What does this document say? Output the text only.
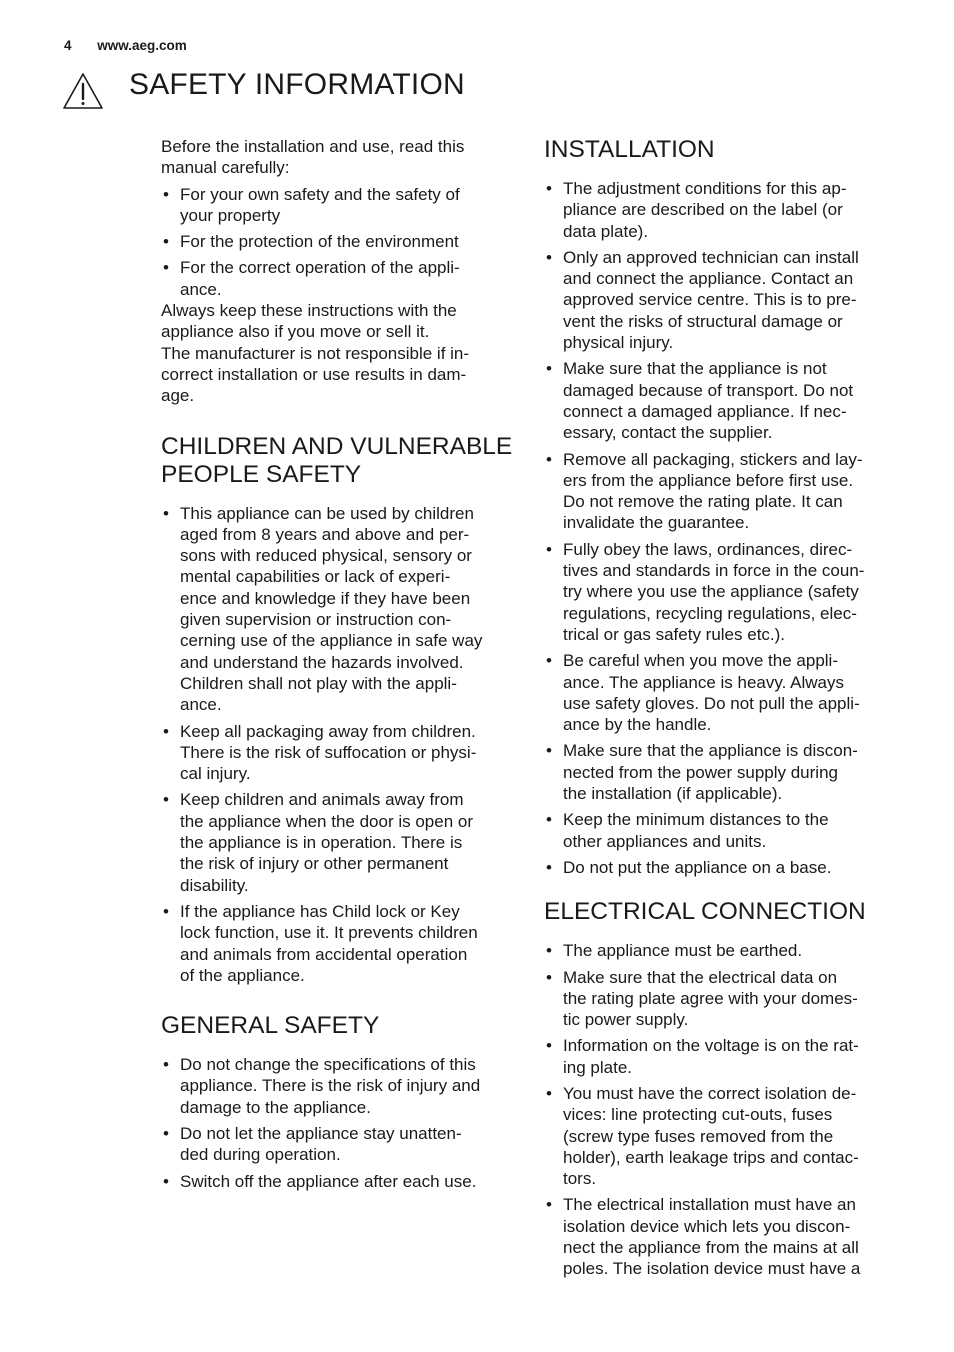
4 www.aeg.com
SAFETY INFORMATION

Before the installation and use, read this
manual carefully:

• For your own safety and the safety of
your property
• For the protection of the environment
• For the correct operation of the appli-
ance.

Always keep these instructions with the
appliance also if you move or sell it.
The manufacturer is not responsible if in-
correct installation or use results in dam-
age.

CHILDREN AND VULNERABLE
PEOPLE SAFETY
• This appliance can be used by children
aged from 8 years and above and per-
sons with reduced physical, sensory or
mental capabilities or lack of experi-
ence and knowledge if they have been
given supervision or instruction con-
cerning use of the appliance in safe way
and understand the hazards involved.
Children shall not play with the appli-
ance.
• Keep all packaging away from children.
There is the risk of suffocation or physi-
cal injury.
• Keep children and animals away from
the appliance when the door is open or
the appliance is in operation. There is
the risk of injury or other permanent
disability.
• If the appliance has Child lock or Key
lock function, use it. It prevents children
and animals from accidental operation
of the appliance.
GENERAL SAFETY
• Do not change the specifications of this
appliance. There is the risk of injury and
damage to the appliance.
• Do not let the appliance stay unatten-
ded during operation.
• Switch off the appliance after each use.
INSTALLATION
• The adjustment conditions for this ap-
pliance are described on the label (or
data plate).
• Only an approved technician can install
and connect the appliance. Contact an
approved service centre. This is to pre-
vent the risks of structural damage or
physical injury.
• Make sure that the appliance is not
damaged because of transport. Do not
connect a damaged appliance. If nec-
essary, contact the supplier.
• Remove all packaging, stickers and lay-
ers from the appliance before first use.
Do not remove the rating plate. It can
invalidate the guarantee.
• Fully obey the laws, ordinances, direc-
tives and standards in force in the coun-
try where you use the appliance (safety
regulations, recycling regulations, elec-
trical or gas safety rules etc.).
• Be careful when you move the appli-
ance. The appliance is heavy. Always
use safety gloves. Do not pull the appli-
ance by the handle.
• Make sure that the appliance is discon-
nected from the power supply during
the installation (if applicable).
• Keep the minimum distances to the
other appliances and units.
• Do not put the appliance on a base.
ELECTRICAL CONNECTION
• The appliance must be earthed.
• Make sure that the electrical data on
the rating plate agree with your domes-
tic power supply.
• Information on the voltage is on the rat-
ing plate.
• You must have the correct isolation de-
vices: line protecting cut-outs, fuses
(screw type fuses removed from the
holder), earth leakage trips and contac-
tors.
• The electrical installation must have an
isolation device which lets you discon-
nect the appliance from the mains at all
poles. The isolation device must have a
